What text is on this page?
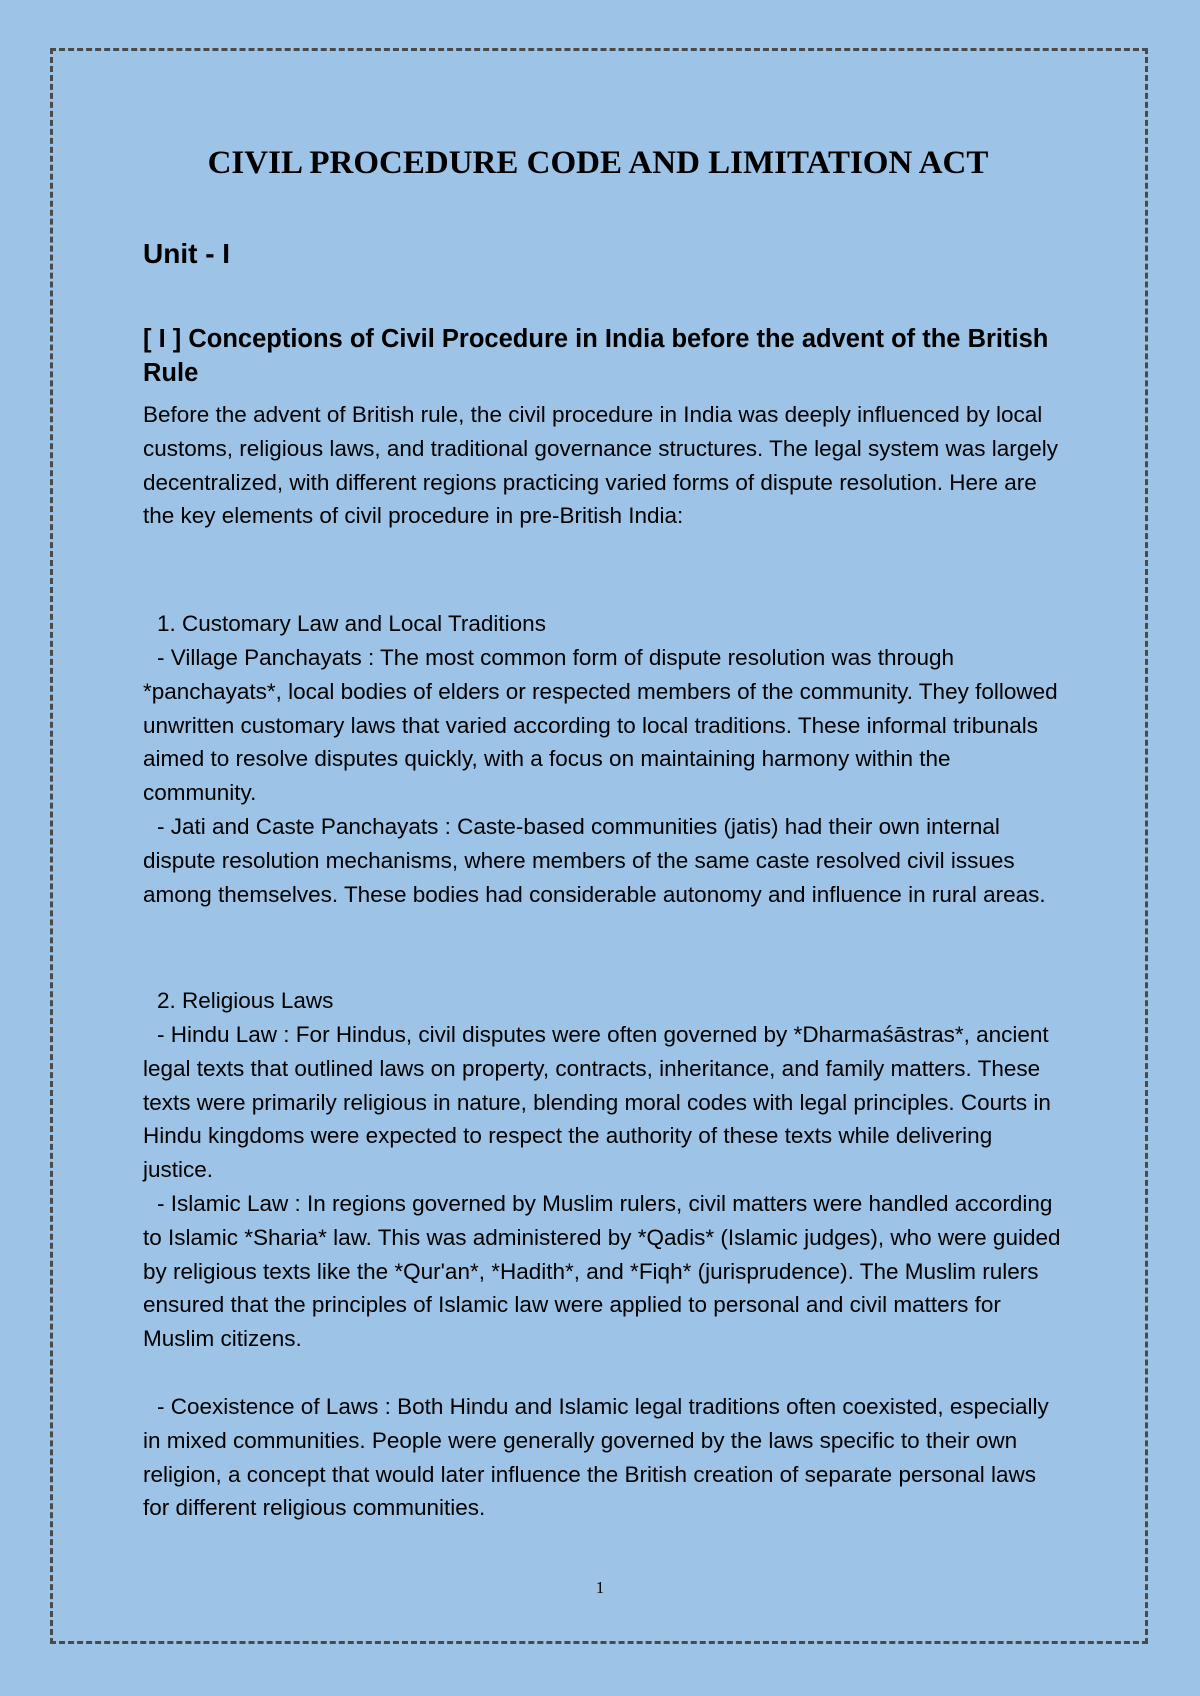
CIVIL PROCEDURE CODE AND LIMITATION ACT
Unit - I
[ I ] Conceptions of Civil Procedure in India before the advent of the British Rule

Before the advent of British rule, the civil procedure in India was deeply influenced by local customs, religious laws, and traditional governance structures. The legal system was largely decentralized, with different regions practicing varied forms of dispute resolution. Here are the key elements of civil procedure in pre-British India:

1. Customary Law and Local Traditions

- Village Panchayats : The most common form of dispute resolution was through *panchayats*, local bodies of elders or respected members of the community. They followed unwritten customary laws that varied according to local traditions. These informal tribunals aimed to resolve disputes quickly, with a focus on maintaining harmony within the community.

- Jati and Caste Panchayats : Caste-based communities (jatis) had their own internal dispute resolution mechanisms, where members of the same caste resolved civil issues among themselves. These bodies had considerable autonomy and influence in rural areas.

2. Religious Laws

- Hindu Law : For Hindus, civil disputes were often governed by *Dharmaśāstras*, ancient legal texts that outlined laws on property, contracts, inheritance, and family matters. These texts were primarily religious in nature, blending moral codes with legal principles. Courts in Hindu kingdoms were expected to respect the authority of these texts while delivering justice.

- Islamic Law : In regions governed by Muslim rulers, civil matters were handled according to Islamic *Sharia* law. This was administered by *Qadis* (Islamic judges), who were guided by religious texts like the *Qur'an*, *Hadith*, and *Fiqh* (jurisprudence). The Muslim rulers ensured that the principles of Islamic law were applied to personal and civil matters for Muslim citizens.

- Coexistence of Laws : Both Hindu and Islamic legal traditions often coexisted, especially in mixed communities. People were generally governed by the laws specific to their own religion, a concept that would later influence the British creation of separate personal laws for different religious communities.

1
